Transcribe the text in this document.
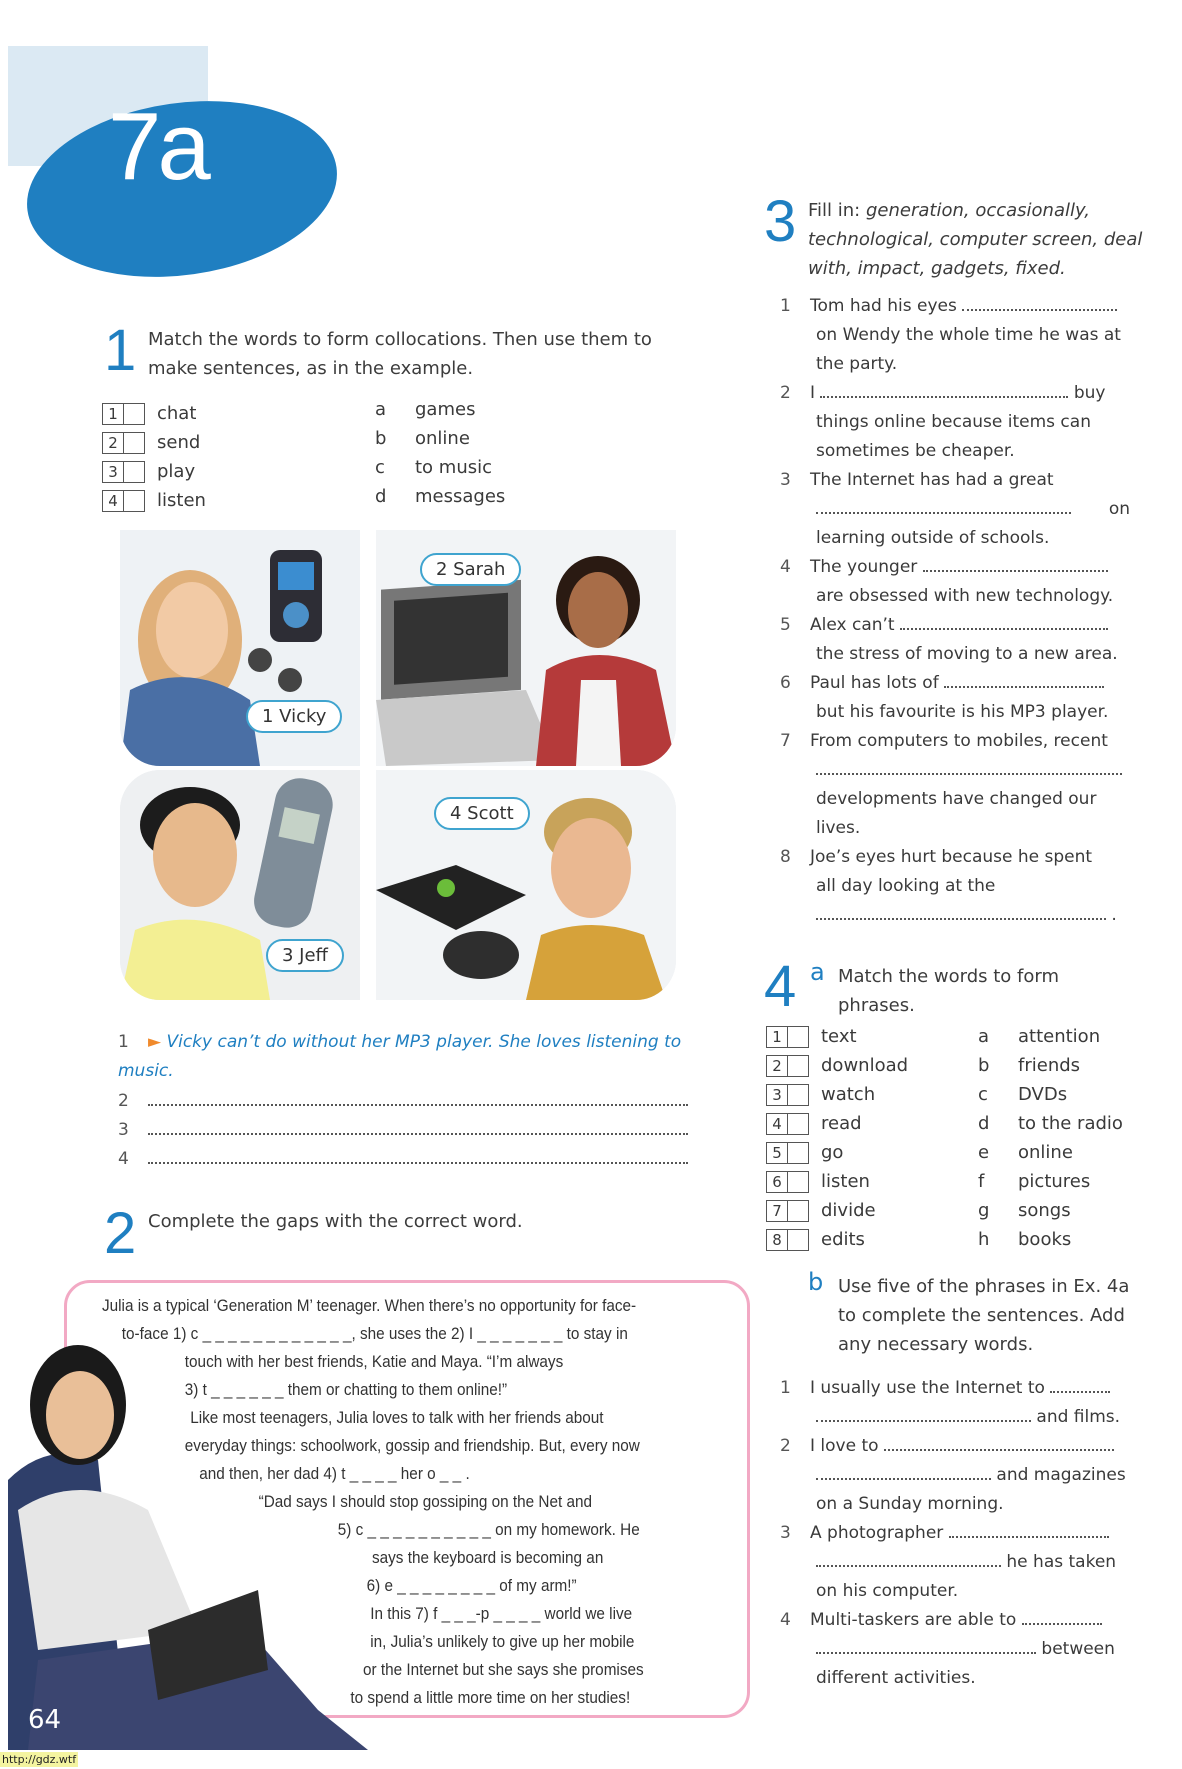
7a
1 Match the words to form collocations. Then use them to make sentences, as in the example.
1 chat
2 send
3 play
4 listen
a games
b online
c to music
d messages
1 Vicky
2 Sarah
3 Jeff
4 Scott
1 ► Vicky can’t do without her MP3 player. She loves listening to music.
2
3
4
2 Complete the gaps with the correct word.
Julia is a typical ‘Generation M’ teenager. When there’s no opportunity for face-
to-face 1) c _ _ _ _ _ _ _ _ _ _ _ _, she uses the 2) I _ _ _ _ _ _ _ to stay in
touch with her best friends, Katie and Maya. “I’m always
3) t _ _ _ _ _ _ them or chatting to them online!”
Like most teenagers, Julia loves to talk with her friends about
everyday things: schoolwork, gossip and friendship. But, every now
and then, her dad 4) t _ _ _ _ her o _ _ .
“Dad says I should stop gossiping on the Net and
5) c _ _ _ _ _ _ _ _ _ _ on my homework. He
says the keyboard is becoming an
6) e _ _ _ _ _ _ _ _ of my arm!”
In this 7) f _ _ _-p _ _ _ _ world we live
in, Julia’s unlikely to give up her mobile
or the Internet but she says she promises
to spend a little more time on her studies!
64
3 Fill in: generation, occasionally, technological, computer screen, deal with, impact, gadgets, fixed.
1 Tom had his eyes
on Wendy the whole time he was at
the party.
2 I	buy
things online because items can
sometimes be cheaper.
3 The Internet has had a great
on
learning outside of schools.
4 The younger
are obsessed with new technology.
5 Alex can’t
the stress of moving to a new area.
6 Paul has lots of
but his favourite is his MP3 player.
7 From computers to mobiles, recent
developments have changed our
lives.
8 Joe’s eyes hurt because he spent
all day looking at the
.
4 a Match the words to form phrases.
1 text
2 download
3 watch
4 read
5 go
6 listen
7 divide
8 edits
a attention
b friends
c DVDs
d to the radio
e online
f pictures
g songs
h books
b Use five of the phrases in Ex. 4a to complete the sentences. Add any necessary words.
1 I usually use the Internet to
and films.
2 I love to
and magazines
on a Sunday morning.
3 A photographer
he has taken
on his computer.
4 Multi-taskers are able to
between
different activities.
http://gdz.wtf
